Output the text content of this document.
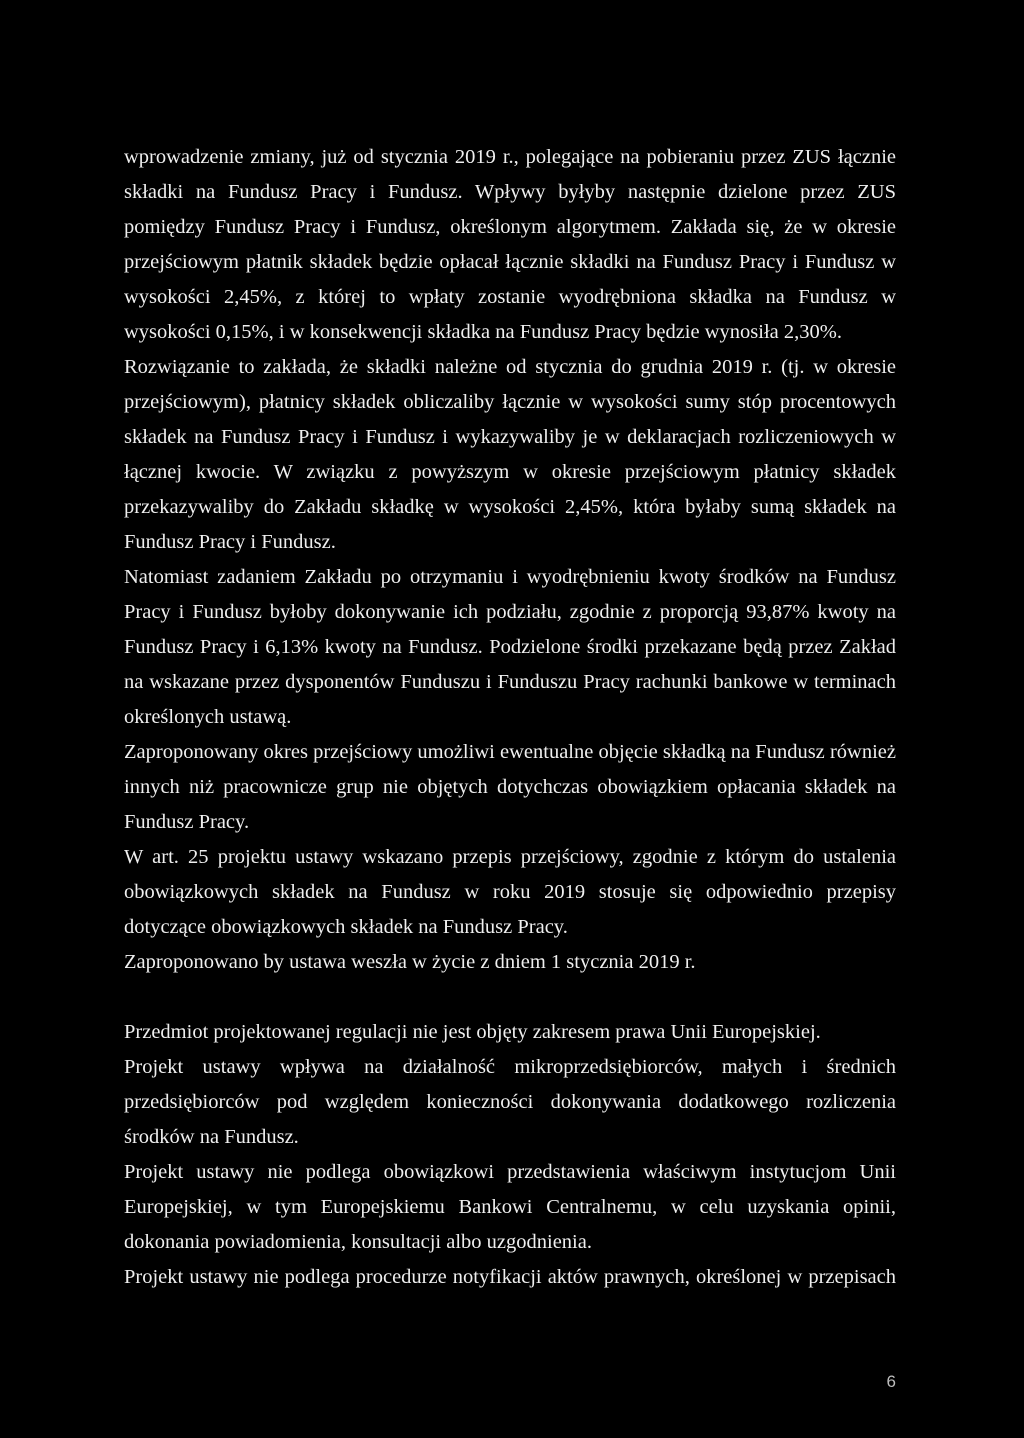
wprowadzenie zmiany, już od stycznia 2019 r., polegające na pobieraniu przez ZUS łącznie składki na Fundusz Pracy i Fundusz. Wpływy byłyby następnie dzielone przez ZUS pomiędzy Fundusz Pracy i Fundusz, określonym algorytmem. Zakłada się, że w okresie przejściowym płatnik składek będzie opłacał łącznie składki na Fundusz Pracy i Fundusz w wysokości 2,45%, z której to wpłaty zostanie wyodrębniona składka na Fundusz w wysokości 0,15%, i w konsekwencji składka na Fundusz Pracy będzie wynosiła 2,30%.

Rozwiązanie to zakłada, że składki należne od stycznia do grudnia 2019 r. (tj. w okresie przejściowym), płatnicy składek obliczaliby łącznie w wysokości sumy stóp procentowych składek na Fundusz Pracy i Fundusz i wykazywaliby je w deklaracjach rozliczeniowych w łącznej kwocie. W związku z powyższym w okresie przejściowym płatnicy składek przekazywaliby do Zakładu składkę w wysokości 2,45%, która byłaby sumą składek na Fundusz Pracy i Fundusz.

Natomiast zadaniem Zakładu po otrzymaniu i wyodrębnieniu kwoty środków na Fundusz Pracy i Fundusz byłoby dokonywanie ich podziału, zgodnie z proporcją 93,87% kwoty na Fundusz Pracy i 6,13% kwoty na Fundusz. Podzielone środki przekazane będą przez Zakład na wskazane przez dysponentów Funduszu i Funduszu Pracy rachunki bankowe w terminach określonych ustawą.

Zaproponowany okres przejściowy umożliwi ewentualne objęcie składką na Fundusz również innych niż pracownicze grup nie objętych dotychczas obowiązkiem opłacania składek na Fundusz Pracy.

W art. 25 projektu ustawy wskazano przepis przejściowy, zgodnie z którym do ustalenia obowiązkowych składek na Fundusz w roku 2019 stosuje się odpowiednio przepisy dotyczące obowiązkowych składek na Fundusz Pracy.

Zaproponowano by ustawa weszła w życie z dniem 1 stycznia 2019 r.

Przedmiot projektowanej regulacji nie jest objęty zakresem prawa Unii Europejskiej.

Projekt ustawy wpływa na działalność mikroprzedsiębiorców, małych i średnich przedsiębiorców pod względem konieczności dokonywania dodatkowego rozliczenia środków na Fundusz.

Projekt ustawy nie podlega obowiązkowi przedstawienia właściwym instytucjom Unii Europejskiej, w tym Europejskiemu Bankowi Centralnemu, w celu uzyskania opinii, dokonania powiadomienia, konsultacji albo uzgodnienia.

Projekt ustawy nie podlega procedurze notyfikacji aktów prawnych, określonej w przepisach

6
